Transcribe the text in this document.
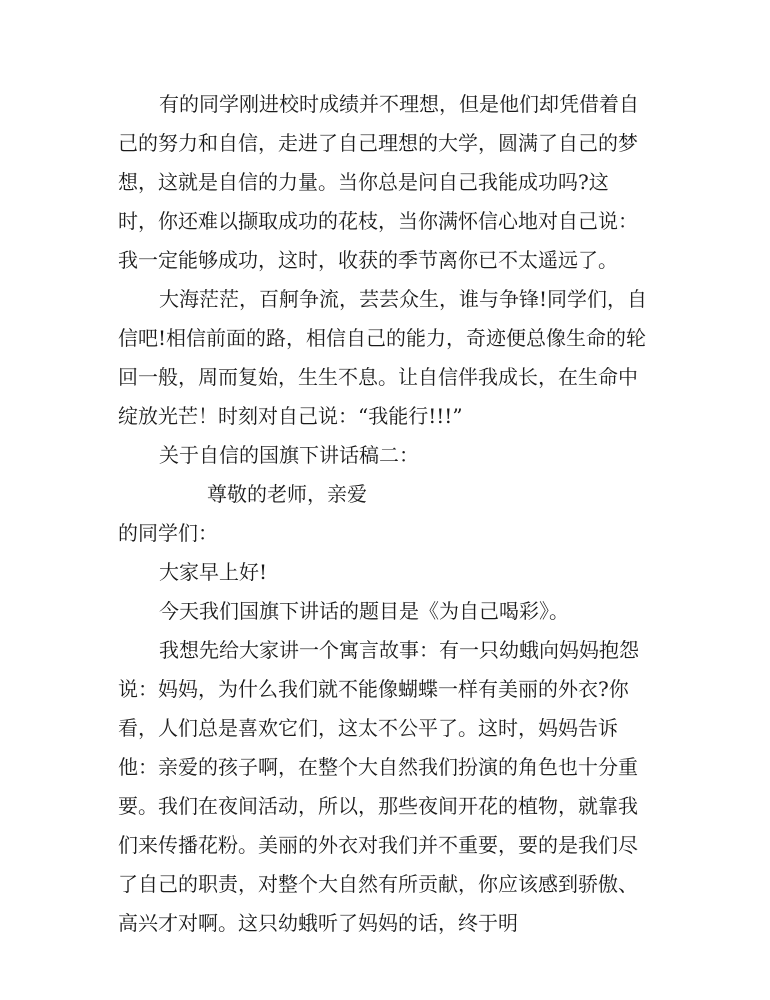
有的同学刚进校时成绩并不理想，但是他们却凭借着自己的努力和自信，走进了自己理想的大学，圆满了自己的梦想，这就是自信的力量。当你总是问自己我能成功吗?这时，你还难以撷取成功的花枝，当你满怀信心地对自己说：我一定能够成功，这时，收获的季节离你已不太遥远了。

大海茫茫，百舸争流，芸芸众生，谁与争锋!同学们，自信吧!相信前面的路，相信自己的能力，奇迹便总像生命的轮回一般，周而复始，生生不息。让自信伴我成长，在生命中绽放光芒！时刻对自己说：“我能行!!!”

关于自信的国旗下讲话稿二：尊敬的老师，亲爱

的同学们：

大家早上好!

今天我们国旗下讲话的题目是《为自己喝彩》。

我想先给大家讲一个寓言故事：有一只幼蛾向妈妈抱怨说：妈妈，为什么我们就不能像蝴蝶一样有美丽的外衣?你看，人们总是喜欢它们，这太不公平了。这时，妈妈告诉他：亲爱的孩子啊，在整个大自然我们扮演的角色也十分重要。我们在夜间活动，所以，那些夜间开花的植物，就靠我们来传播花粉。美丽的外衣对我们并不重要，要的是我们尽了自己的职责，对整个大自然有所贡献，你应该感到骄傲、高兴才对啊。这只幼蛾听了妈妈的话，终于明
